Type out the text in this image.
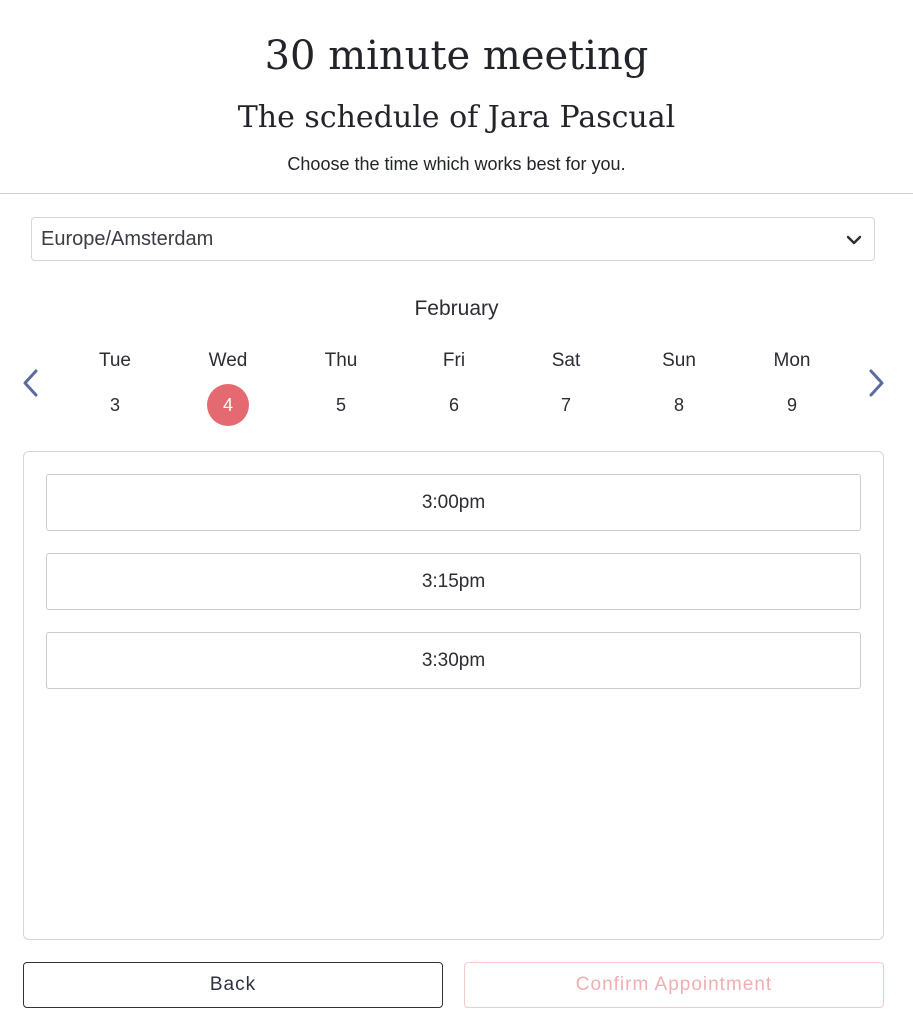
30 minute meeting
The schedule of Jara Pascual
Choose the time which works best for you.
Europe/Amsterdam
February
Tue
3
Wed
4
Thu
5
Fri
6
Sat
7
Sun
8
Mon
9
3:00pm
3:15pm
3:30pm
Back	Confirm Appointment
